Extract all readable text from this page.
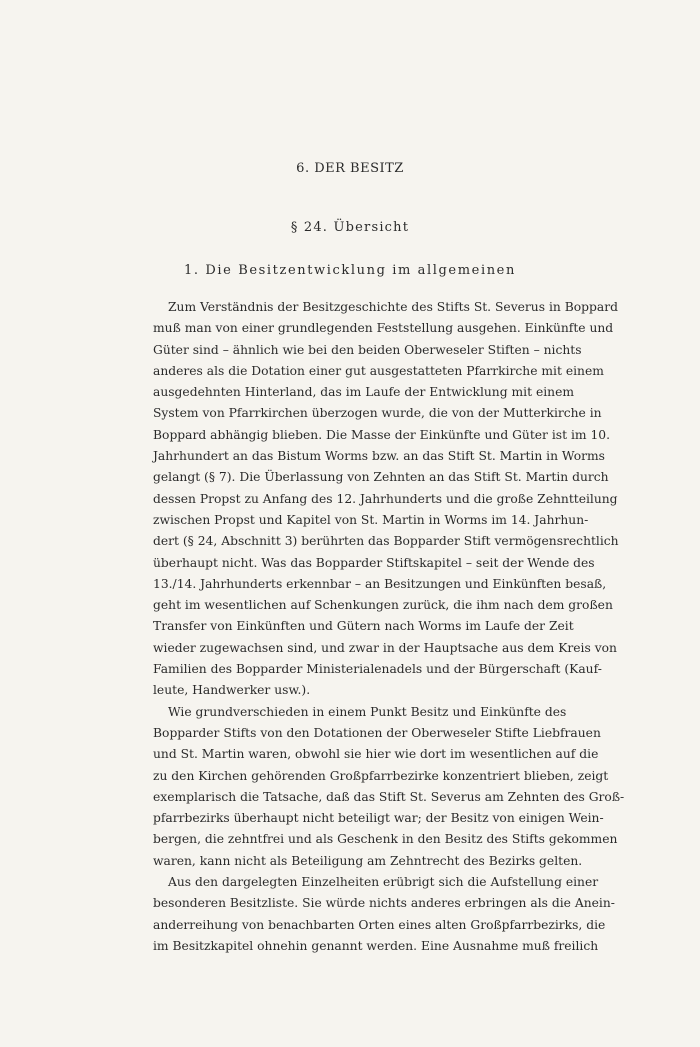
6. DER BESITZ
§ 24. Übersicht
1. Die Besitzentwicklung im allgemeinen
Zum Verständnis der Besitzgeschichte des Stifts St. Severus in Boppard
muß man von einer grundlegenden Feststellung ausgehen. Einkünfte und
Güter sind – ähnlich wie bei den beiden Oberweseler Stiften – nichts
anderes als die Dotation einer gut ausgestatteten Pfarrkirche mit einem
ausgedehnten Hinterland, das im Laufe der Entwicklung mit einem
System von Pfarrkirchen überzogen wurde, die von der Mutterkirche in
Boppard abhängig blieben. Die Masse der Einkünfte und Güter ist im 10.
Jahrhundert an das Bistum Worms bzw. an das Stift St. Martin in Worms
gelangt (§ 7). Die Überlassung von Zehnten an das Stift St. Martin durch
dessen Propst zu Anfang des 12. Jahrhunderts und die große Zehntteilung
zwischen Propst und Kapitel von St. Martin in Worms im 14. Jahrhun-
dert (§ 24, Abschnitt 3) berührten das Bopparder Stift vermögensrechtlich
überhaupt nicht. Was das Bopparder Stiftskapitel – seit der Wende des
13./14. Jahrhunderts erkennbar – an Besitzungen und Einkünften besaß,
geht im wesentlichen auf Schenkungen zurück, die ihm nach dem großen
Transfer von Einkünften und Gütern nach Worms im Laufe der Zeit
wieder zugewachsen sind, und zwar in der Hauptsache aus dem Kreis von
Familien des Bopparder Ministerialenadels und der Bürgerschaft (Kauf-
leute, Handwerker usw.).
Wie grundverschieden in einem Punkt Besitz und Einkünfte des
Bopparder Stifts von den Dotationen der Oberweseler Stifte Liebfrauen
und St. Martin waren, obwohl sie hier wie dort im wesentlichen auf die
zu den Kirchen gehörenden Großpfarrbezirke konzentriert blieben, zeigt
exemplarisch die Tatsache, daß das Stift St. Severus am Zehnten des Groß-
pfarrbezirks überhaupt nicht beteiligt war; der Besitz von einigen Wein-
bergen, die zehntfrei und als Geschenk in den Besitz des Stifts gekommen
waren, kann nicht als Beteiligung am Zehntrecht des Bezirks gelten.
Aus den dargelegten Einzelheiten erübrigt sich die Aufstellung einer
besonderen Besitzliste. Sie würde nichts anderes erbringen als die Anein-
anderreihung von benachbarten Orten eines alten Großpfarrbezirks, die
im Besitzkapitel ohnehin genannt werden. Eine Ausnahme muß freilich
